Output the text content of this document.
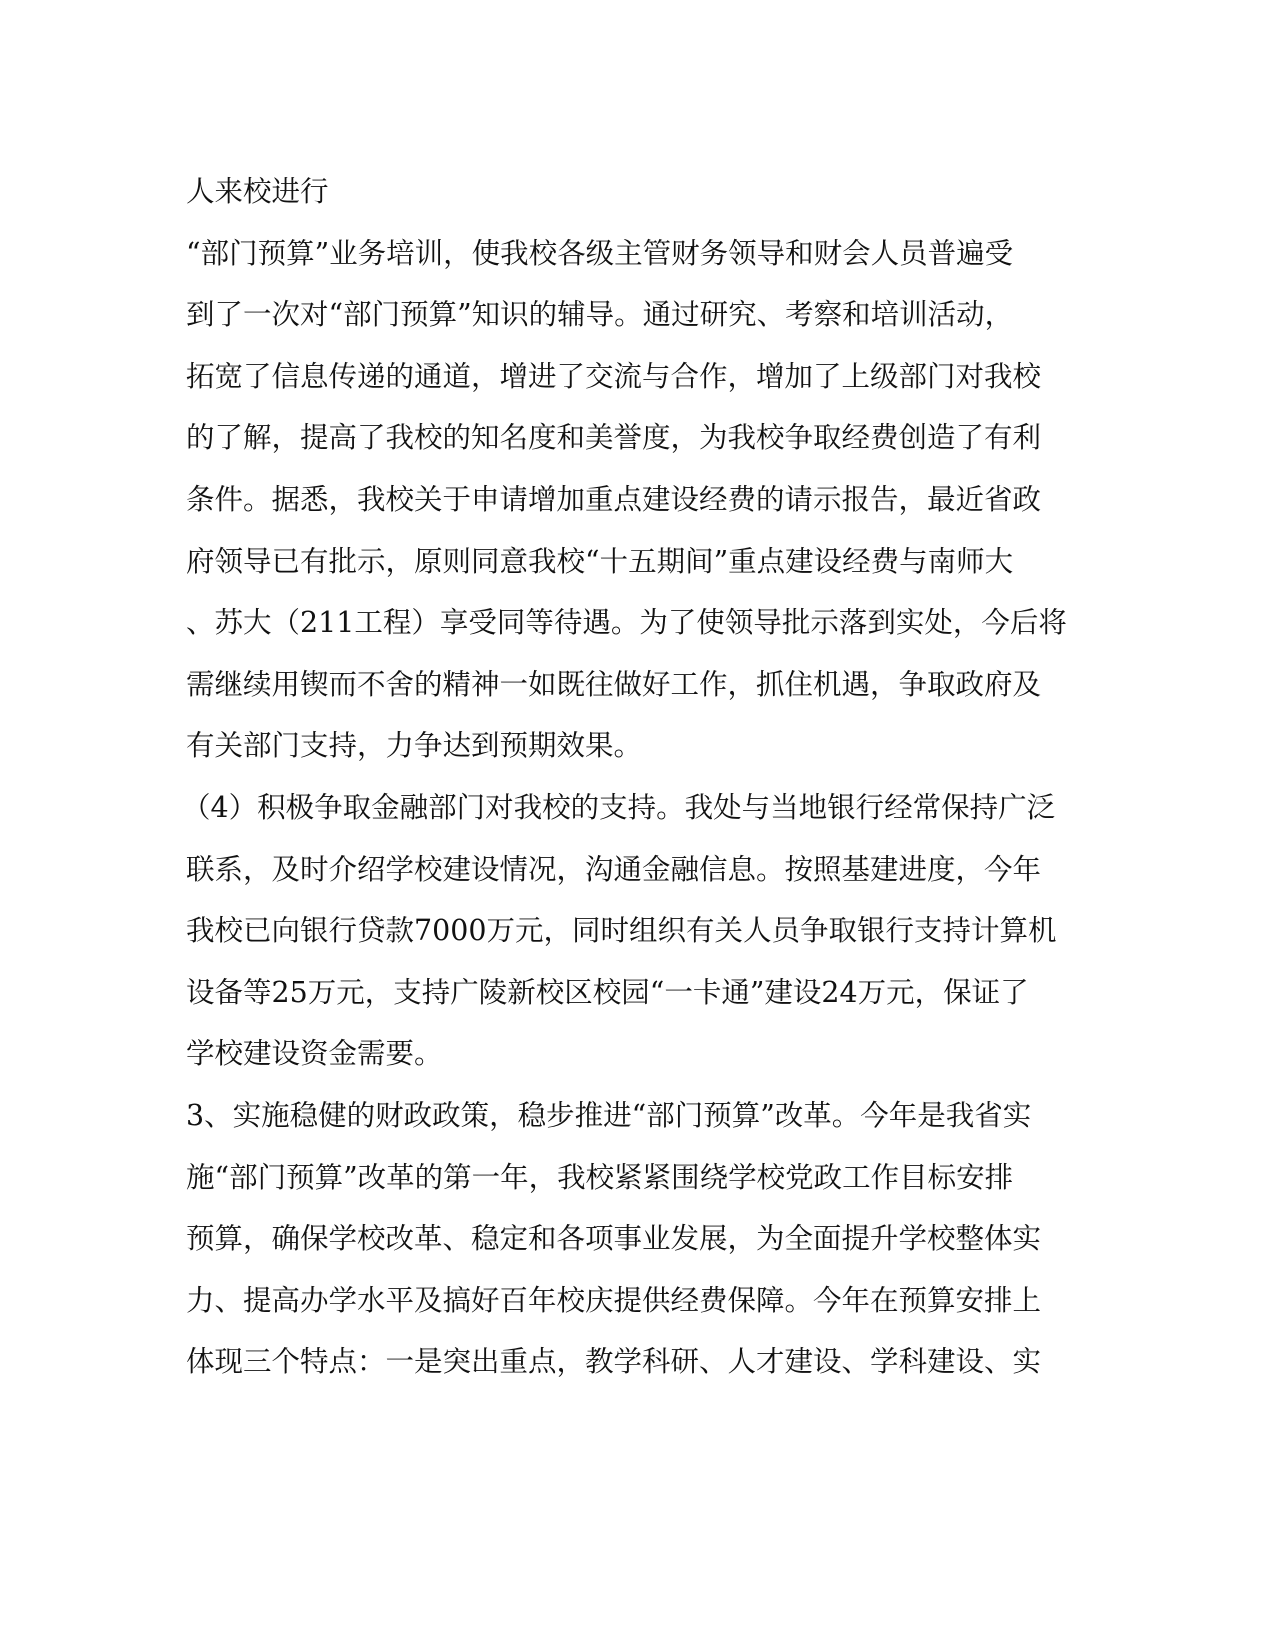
人来校进行
“部门预算”业务培训，使我校各级主管财务领导和财会人员普遍受
到了一次对“部门预算”知识的辅导。通过研究、考察和培训活动，
拓宽了信息传递的通道，增进了交流与合作，增加了上级部门对我校
的了解，提高了我校的知名度和美誉度，为我校争取经费创造了有利
条件。据悉，我校关于申请增加重点建设经费的请示报告，最近省政
府领导已有批示，原则同意我校“十五期间”重点建设经费与南师大
、苏大（211工程）享受同等待遇。为了使领导批示落到实处，今后将
需继续用锲而不舍的精神一如既往做好工作，抓住机遇，争取政府及
有关部门支持，力争达到预期效果。
（4）积极争取金融部门对我校的支持。我处与当地银行经常保持广泛
联系，及时介绍学校建设情况，沟通金融信息。按照基建进度，今年
我校已向银行贷款7000万元，同时组织有关人员争取银行支持计算机
设备等25万元，支持广陵新校区校园“一卡通”建设24万元，保证了
学校建设资金需要。
3、实施稳健的财政政策，稳步推进“部门预算”改革。今年是我省实
施“部门预算”改革的第一年，我校紧紧围绕学校党政工作目标安排
预算，确保学校改革、稳定和各项事业发展，为全面提升学校整体实
力、提高办学水平及搞好百年校庆提供经费保障。今年在预算安排上
体现三个特点：一是突出重点，教学科研、人才建设、学科建设、实
